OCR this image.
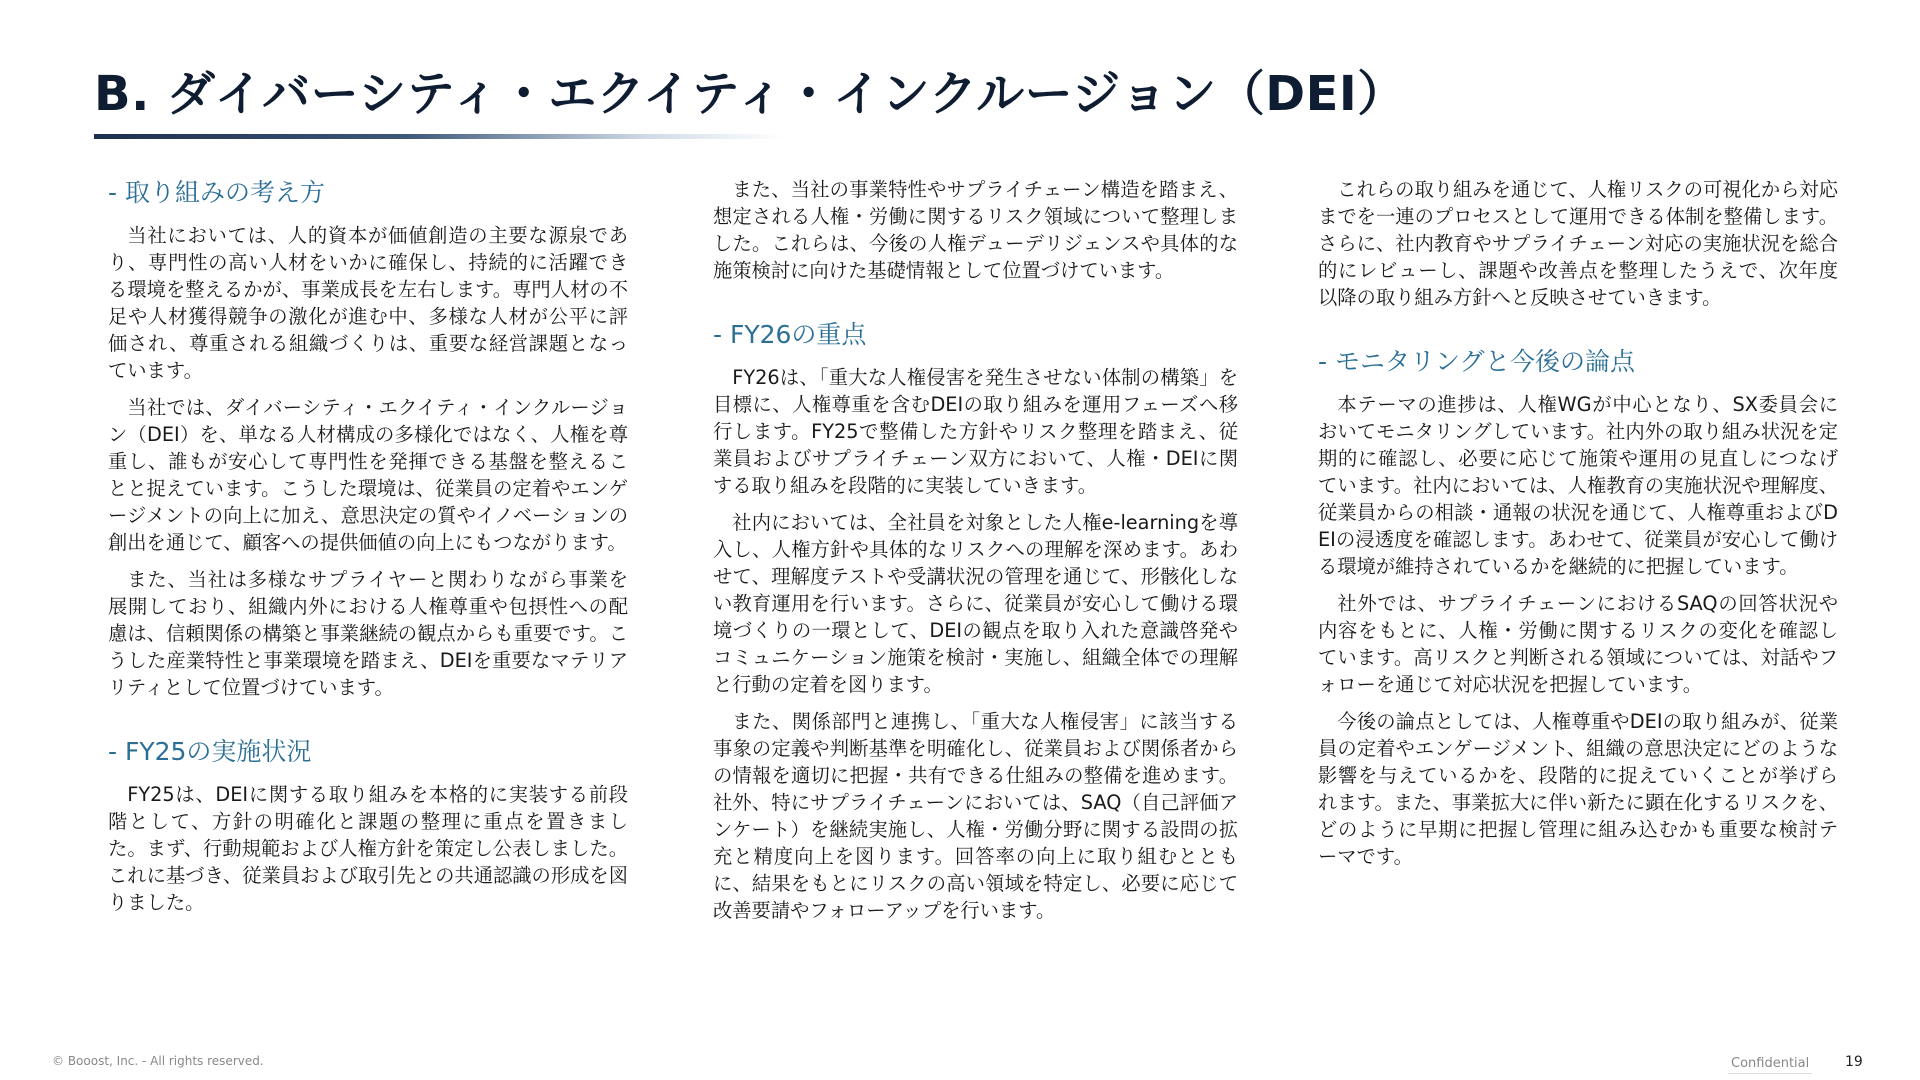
B. ダイバーシティ・エクイティ・インクルージョン（DEI）
- 取り組みの考え方

当社においては、人的資本が価値創造の主要な源泉であり、専門性の高い人材をいかに確保し、持続的に活躍できる環境を整えるかが、事業成長を左右します。専門人材の不足や人材獲得競争の激化が進む中、多様な人材が公平に評価され、尊重される組織づくりは、重要な経営課題となっています。

当社では、ダイバーシティ・エクイティ・インクルージョン（DEI）を、単なる人材構成の多様化ではなく、人権を尊重し、誰もが安心して専門性を発揮できる基盤を整えることと捉えています。こうした環境は、従業員の定着やエンゲージメントの向上に加え、意思決定の質やイノベーションの創出を通じて、顧客への提供価値の向上にもつながります。

また、当社は多様なサプライヤーと関わりながら事業を展開しており、組織内外における人権尊重や包摂性への配慮は、信頼関係の構築と事業継続の観点からも重要です。こうした産業特性と事業環境を踏まえ、DEIを重要なマテリアリティとして位置づけています。

- FY25の実施状況

FY25は、DEIに関する取り組みを本格的に実装する前段階として、方針の明確化と課題の整理に重点を置きました。まず、行動規範および人権方針を策定し公表しました。これに基づき、従業員および取引先との共通認識の形成を図りました。

また、当社の事業特性やサプライチェーン構造を踏まえ、想定される人権・労働に関するリスク領域について整理しました。これらは、今後の人権デューデリジェンスや具体的な施策検討に向けた基礎情報として位置づけています。

- FY26の重点

FY26は、「重大な人権侵害を発生させない体制の構築」を目標に、人権尊重を含むDEIの取り組みを運用フェーズへ移行します。FY25で整備した方針やリスク整理を踏まえ、従業員およびサプライチェーン双方において、人権・DEIに関する取り組みを段階的に実装していきます。

社内においては、全社員を対象とした人権e-learningを導入し、人権方針や具体的なリスクへの理解を深めます。あわせて、理解度テストや受講状況の管理を通じて、形骸化しない教育運用を行います。さらに、従業員が安心して働ける環境づくりの一環として、DEIの観点を取り入れた意識啓発やコミュニケーション施策を検討・実施し、組織全体での理解と行動の定着を図ります。

また、関係部門と連携し、「重大な人権侵害」に該当する事象の定義や判断基準を明確化し、従業員および関係者からの情報を適切に把握・共有できる仕組みの整備を進めます。社外、特にサプライチェーンにおいては、SAQ（自己評価アンケート）を継続実施し、人権・労働分野に関する設問の拡充と精度向上を図ります。回答率の向上に取り組むとともに、結果をもとにリスクの高い領域を特定し、必要に応じて改善要請やフォローアップを行います。

これらの取り組みを通じて、人権リスクの可視化から対応までを一連のプロセスとして運用できる体制を整備します。さらに、社内教育やサプライチェーン対応の実施状況を総合的にレビューし、課題や改善点を整理したうえで、次年度以降の取り組み方針へと反映させていきます。

- モニタリングと今後の論点

本テーマの進捗は、人権WGが中心となり、SX委員会においてモニタリングしています。社内外の取り組み状況を定期的に確認し、必要に応じて施策や運用の見直しにつなげています。社内においては、人権教育の実施状況や理解度、従業員からの相談・通報の状況を通じて、人権尊重およびDEIの浸透度を確認します。あわせて、従業員が安心して働ける環境が維持されているかを継続的に把握しています。

社外では、サプライチェーンにおけるSAQの回答状況や内容をもとに、人権・労働に関するリスクの変化を確認しています。高リスクと判断される領域については、対話やフォローを通じて対応状況を把握しています。

今後の論点としては、人権尊重やDEIの取り組みが、従業員の定着やエンゲージメント、組織の意思決定にどのような影響を与えているかを、段階的に捉えていくことが挙げられます。また、事業拡大に伴い新たに顕在化するリスクを、どのように早期に把握し管理に組み込むかも重要な検討テーマです。

© Booost, Inc. - All rights reserved.	Confidential	19
